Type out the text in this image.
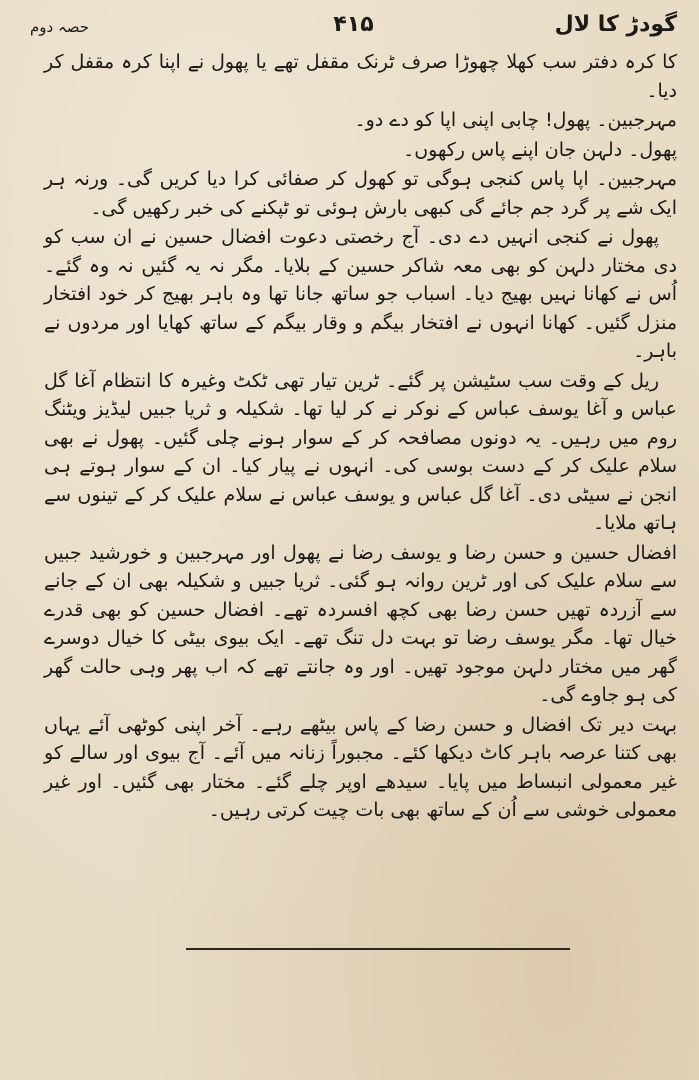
حصہ دوم	۴۱۵	گودڑ کا لال

کا کرہ دفتر سب کھلا چھوڑا صرف ٹرنک مقفل تھے یا پھول نے اپنا کرہ مقفل کر دیا۔

مہرجبین۔ پھول! چابی اپنی اپا کو دے دو۔

پھول۔ دلہن جان اپنے پاس رکھوں۔

مہرجبین۔ اپا پاس کنجی ہوگی تو کھول کر صفائی کرا دیا کریں گی۔ ورنہ ہر ایک شے پر گرد جم جائے گی کبھی بارش ہوئی تو ٹپکنے کی خبر رکھیں گی۔

پھول نے کنجی انہیں دے دی۔ آج رخصتی دعوت افضال حسین نے ان سب کو دی مختار دلہن کو بھی معہ شاکر حسین کے بلایا۔ مگر نہ یہ گئیں نہ وہ گئے۔ اُس نے کھانا نہیں بھیج دیا۔ اسباب جو ساتھ جانا تھا وہ باہر بھیج کر خود افتخار منزل گئیں۔ کھانا انہوں نے افتخار بیگم و وقار بیگم کے ساتھ کھایا اور مردوں نے باہر۔

ریل کے وقت سب سٹیشن پر گئے۔ ٹرین تیار تھی ٹکٹ وغیرہ کا انتظام آغا گل عباس و آغا یوسف عباس کے نوکر نے کر لیا تھا۔ شکیلہ و ثریا جبیں لیڈیز ویٹنگ روم میں رہیں۔ یہ دونوں مصافحہ کر کے سوار ہونے چلی گئیں۔ پھول نے بھی سلام علیک کر کے دست بوسی کی۔ انہوں نے پیار کیا۔ ان کے سوار ہوتے ہی انجن نے سیٹی دی۔ آغا گل عباس و یوسف عباس نے سلام علیک کر کے تینوں سے ہاتھ ملایا۔

افضال حسین و حسن رضا و یوسف رضا نے پھول اور مہرجبین و خورشید جبیں سے سلام علیک کی اور ٹرین روانہ ہو گئی۔ ثریا جبیں و شکیلہ بھی ان کے جانے سے آزردہ تھیں حسن رضا بھی کچھ افسردہ تھے۔ افضال حسین کو بھی قدرے خیال تھا۔ مگر یوسف رضا تو بہت دل تنگ تھے۔ ایک بیوی بیٹی کا خیال دوسرے گھر میں مختار دلہن موجود تھیں۔ اور وہ جانتے تھے کہ اب پھر وہی حالت گھر کی ہو جاوے گی۔

بہت دیر تک افضال و حسن رضا کے پاس بیٹھے رہے۔ آخر اپنی کوٹھی آئے یہاں بھی کتنا عرصہ باہر کاٹ دیکھا کئے۔ مجبوراً زنانہ میں آئے۔ آج بیوی اور سالے کو غیر معمولی انبساط میں پایا۔ سیدھے اوپر چلے گئے۔ مختار بھی گئیں۔ اور غیر معمولی خوشی سے اُن کے ساتھ بھی بات چیت کرتی رہیں۔
